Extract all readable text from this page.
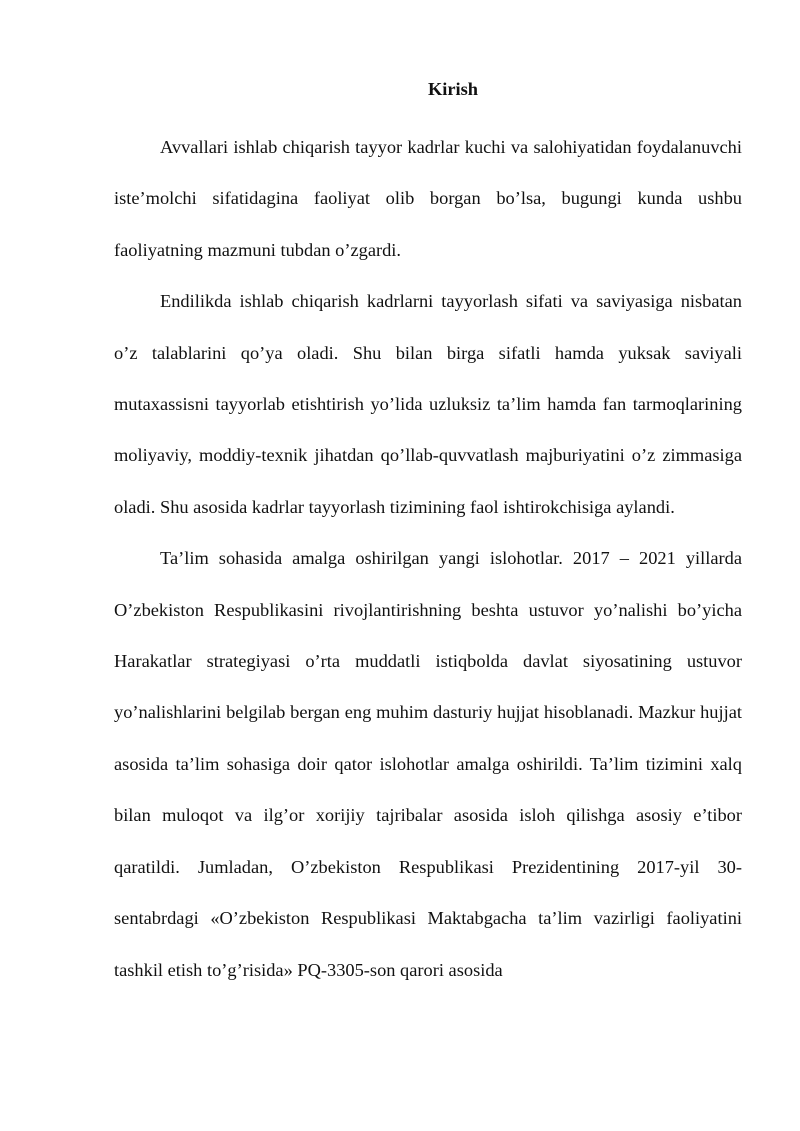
Kirish

Avvallari ishlab chiqarish tayyor kadrlar kuchi va salohiyatidan foydalanuvchi iste’molchi sifatidagina faoliyat olib borgan bo’lsa, bugungi kunda ushbu faoliyatning mazmuni tubdan o’zgardi.

Endilikda ishlab chiqarish kadrlarni tayyorlash sifati va saviyasiga nisbatan o’z talablarini qo’ya oladi. Shu bilan birga sifatli hamda yuksak saviyali mutaxassisni tayyorlab etishtirish yo’lida uzluksiz ta’lim hamda fan tarmoqlarining moliyaviy, moddiy-texnik jihatdan qo’llab-quvvatlash majburiyatini o’z zimmasiga oladi. Shu asosida kadrlar tayyorlash tizimining faol ishtirokchisiga aylandi.

Ta’lim sohasida amalga oshirilgan yangi islohotlar. 2017 – 2021 yillarda O’zbekiston Respublikasini rivojlantirishning beshta ustuvor yo’nalishi bo’yicha Harakatlar strategiyasi o’rta muddatli istiqbolda davlat siyosatining ustuvor yo’nalishlarini belgilab bergan eng muhim dasturiy hujjat hisoblanadi. Mazkur hujjat asosida ta’lim sohasiga doir qator islohotlar amalga oshirildi. Ta’lim tizimini xalq bilan muloqot va ilg’or xorijiy tajribalar asosida isloh qilishga asosiy e’tibor qaratildi. Jumladan, O’zbekiston Respublikasi Prezidentining 2017-yil 30-sentabrdagi «O’zbekiston Respublikasi Maktabgacha ta’lim vazirligi faoliyatini tashkil etish to’g’risida» PQ-3305-son qarori asosida
